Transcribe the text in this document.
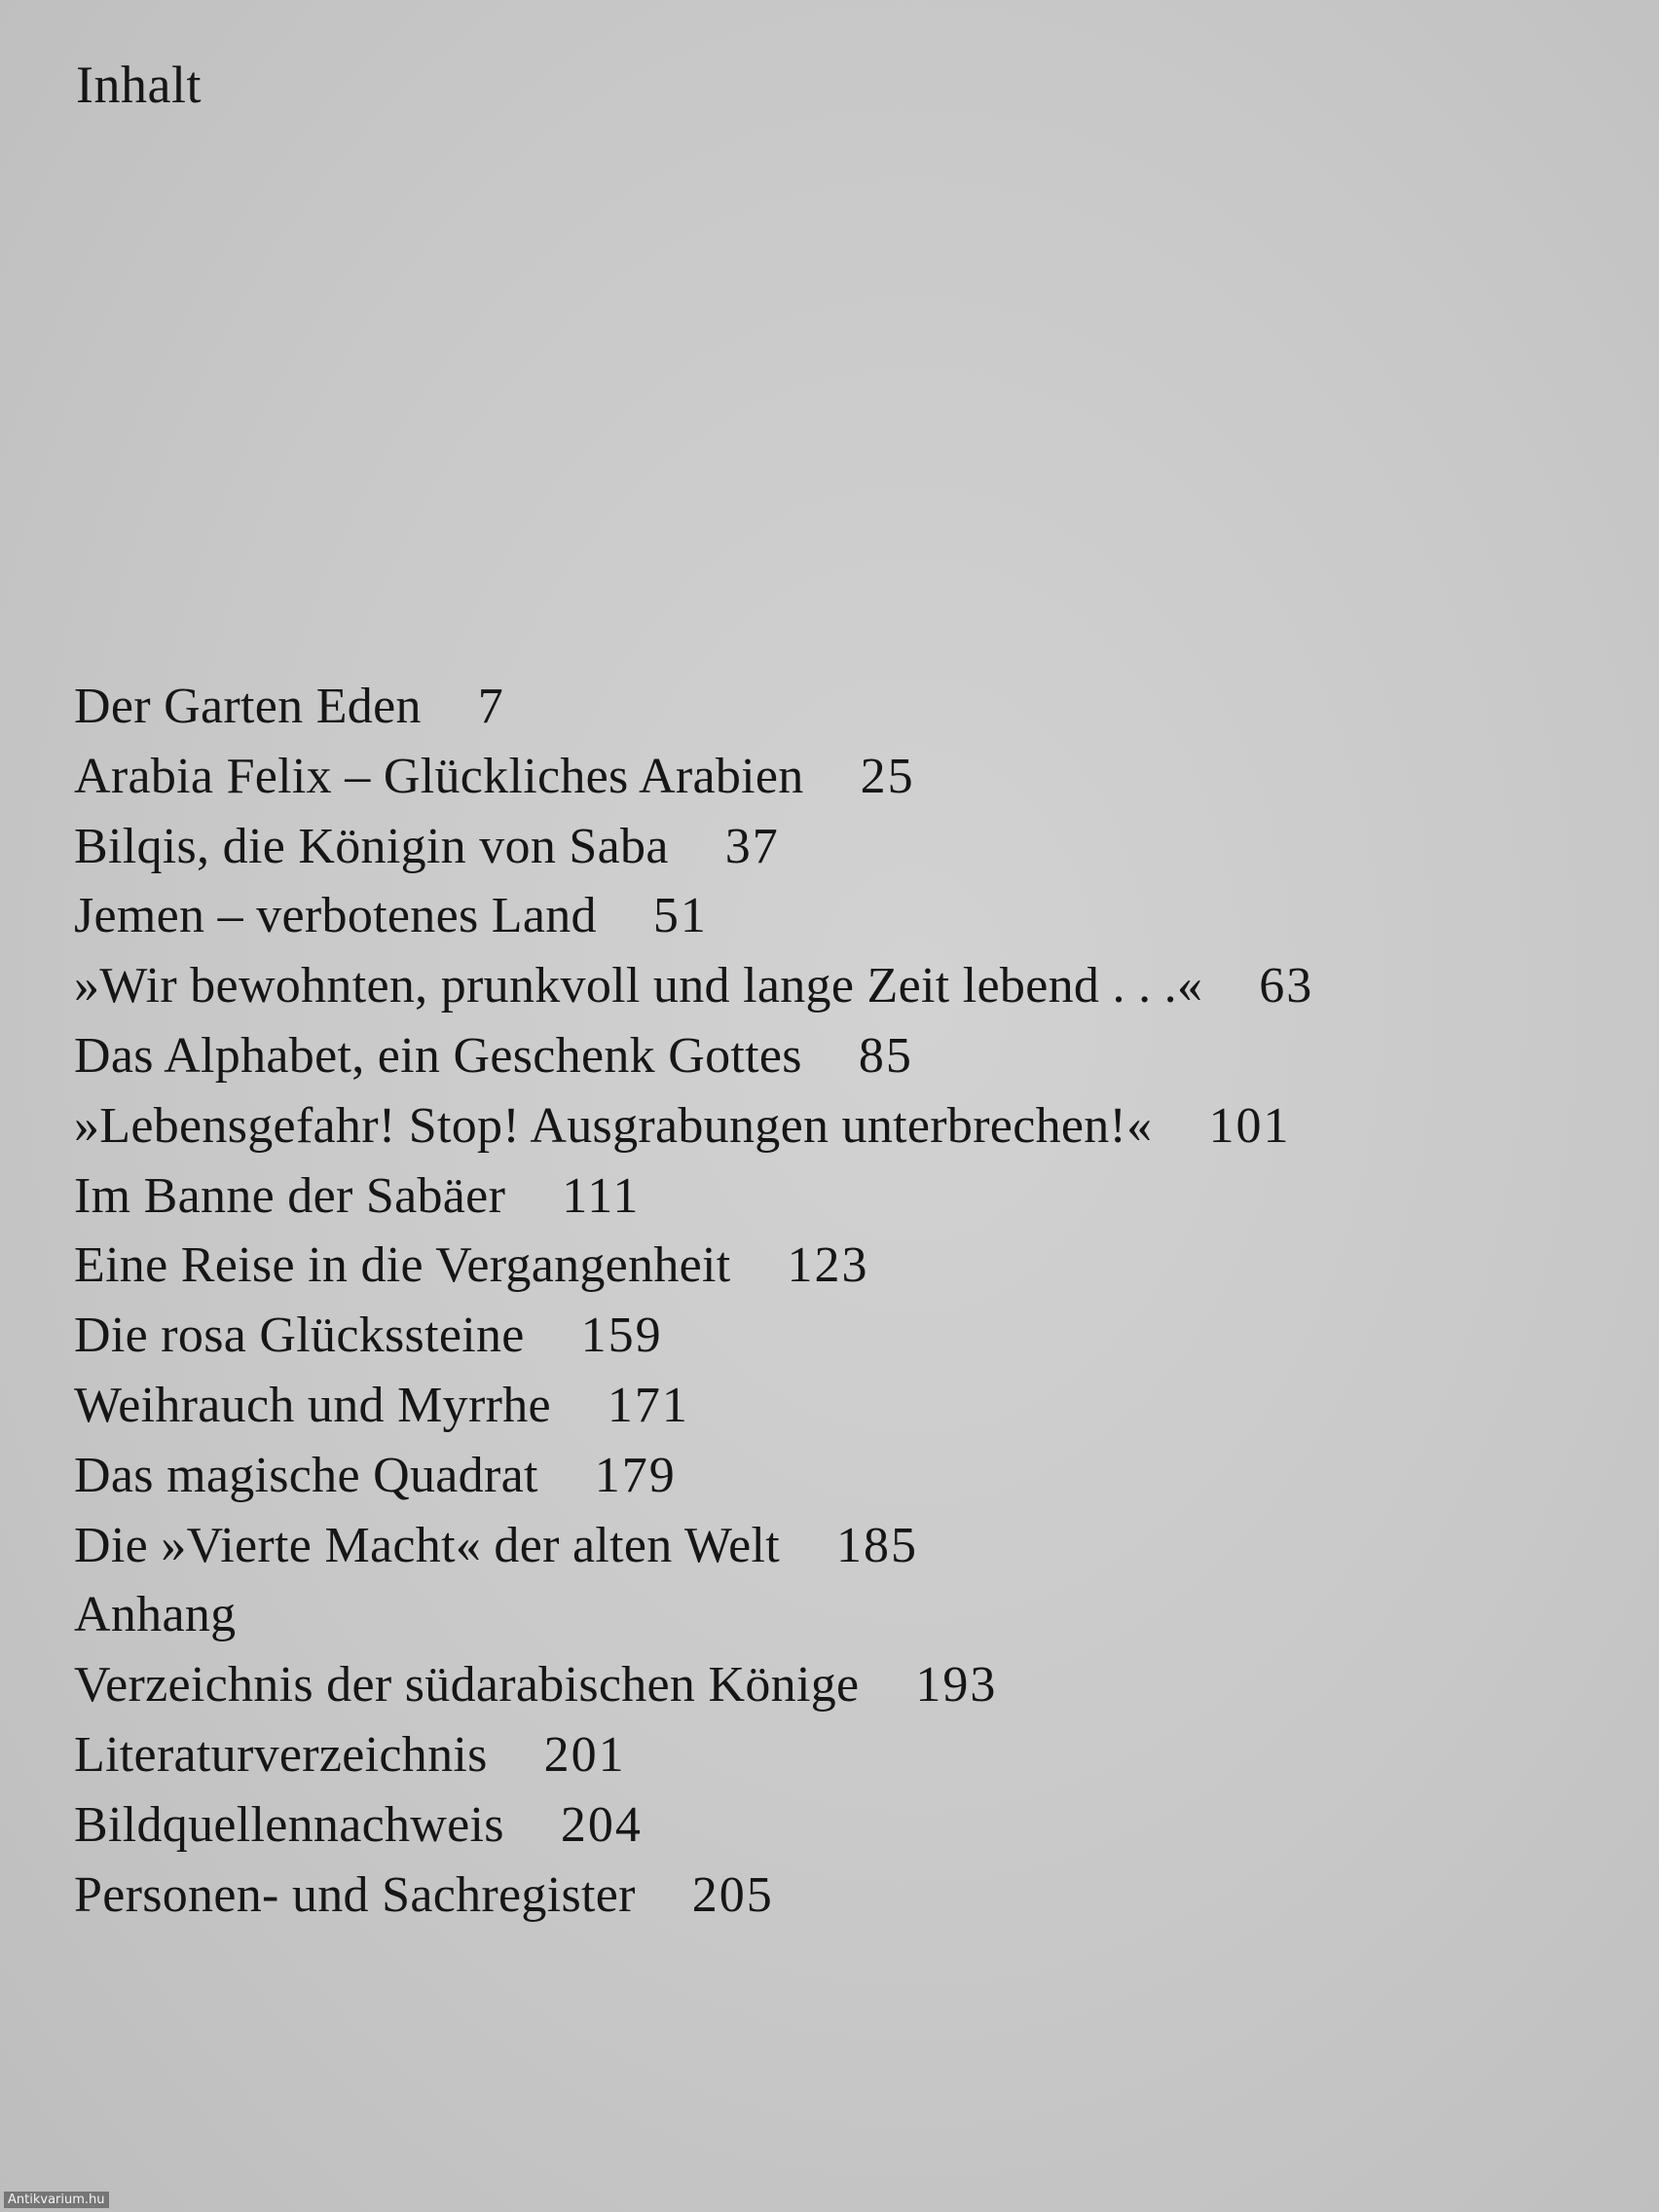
Inhalt
Der Garten Eden 7
Arabia Felix – Glückliches Arabien 25
Bilqis, die Königin von Saba 37
Jemen – verbotenes Land 51
»Wir bewohnten, prunkvoll und lange Zeit lebend . . .« 63
Das Alphabet, ein Geschenk Gottes 85
»Lebensgefahr! Stop! Ausgrabungen unterbrechen!« 101
Im Banne der Sabäer 111
Eine Reise in die Vergangenheit 123
Die rosa Glückssteine 159
Weihrauch und Myrrhe 171
Das magische Quadrat 179
Die »Vierte Macht« der alten Welt 185
Anhang
Verzeichnis der südarabischen Könige 193
Literaturverzeichnis 201
Bildquellennachweis 204
Personen- und Sachregister 205
Antikvarium.hu
